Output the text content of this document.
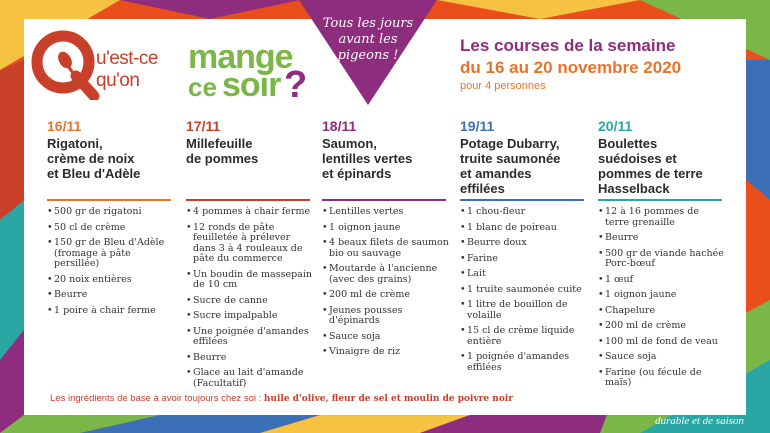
u'est-ce
qu'on
mange
ce soir ?
Tous les jours
avant les
pigeons !
Les courses de la semaine
du 16 au 20 novembre 2020
pour 4 personnes
16/11
Rigatoni,
crème de noix
et Bleu d'Adèle
• 500 gr de rigatoni
• 50 cl de crème
• 150 gr de Bleu d'Adèle (fromage à pâte persillée)
• 20 noix entières
• Beurre
• 1 poire à chair ferme
17/11
Millefeuille
de pommes
• 4 pommes à chair ferme
• 12 ronds de pâte feuilletée à prélever dans 3 à 4 rouleaux de pâte du commerce
• Un boudin de massepain de 10 cm
• Sucre de canne
• Sucre impalpable
• Une poignée d'amandes effilées
• Beurre
• Glace au lait d'amande (Facultatif)
18/11
Saumon,
lentilles vertes
et épinards
• Lentilles vertes
• 1 oignon jaune
• 4 beaux filets de saumon bio ou sauvage
• Moutarde à l'ancienne (avec des grains)
• 200 ml de crème
• Jeunes pousses d'épinards
• Sauce soja
• Vinaigre de riz
19/11
Potage Dubarry,
truite saumonée
et amandes
effilées
• 1 chou-fleur
• 1 blanc de poireau
• Beurre doux
• Farine
• Lait
• 1 truite saumonée cuite
• 1 litre de bouillon de volaille
• 15 cl de crème liquide entière
• 1 poignée d'amandes effilées
20/11
Boulettes
suédoises et
pommes de terre
Hasselback
• 12 à 16 pommes de terre grenaille
• Beurre
• 500 gr de viande hachée Porc-bœuf
• 1 œuf
• 1 oignon jaune
• Chapelure
• 200 ml de crème
• 100 ml de fond de veau
• Sauce soja
• Farine (ou fécule de maïs)
Les ingrédients de base à avoir toujours chez soi : huile d'olive, fleur de sel et moulin de poivre noir	#jecuisinelocal
durable et de saison
